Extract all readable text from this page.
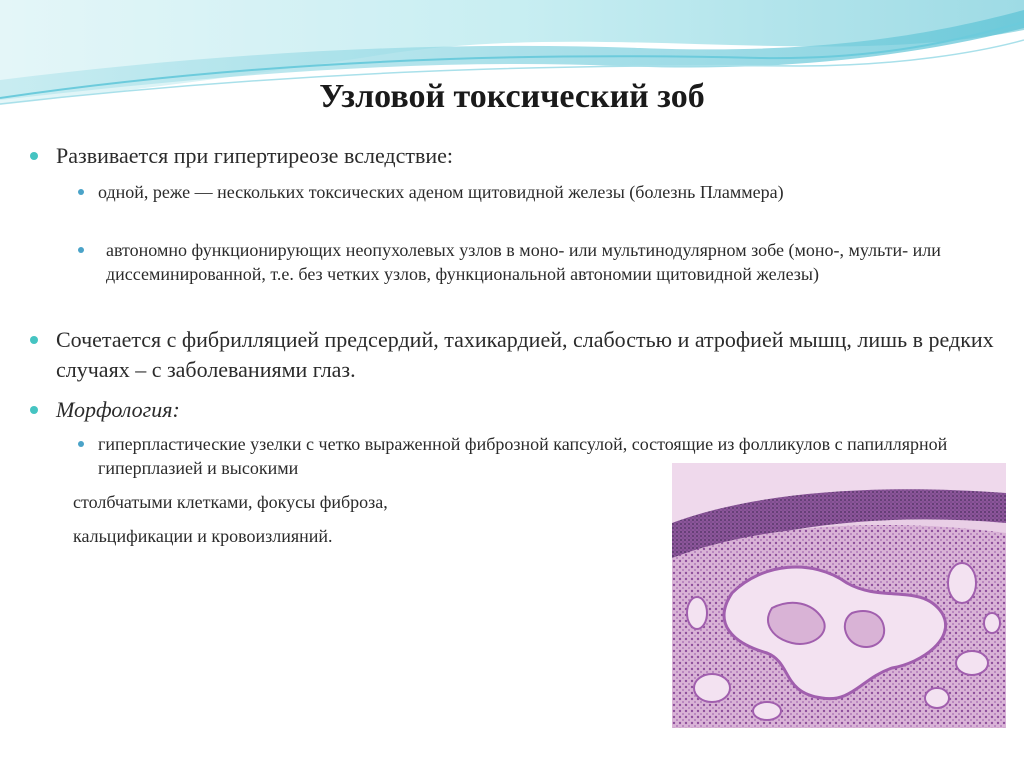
Узловой токсический зоб
Развивается при гипертиреозе вследствие:
одной, реже — нескольких токсических аденом щитовидной железы (болезнь Пламмера)
автономно функционирующих неопухолевых узлов в моно- или мультинодулярном зобе (моно-, мульти- или диссеминированной, т.е. без четких узлов, функциональной автономии щитовидной железы)
Сочетается с фибрилляцией предсердий, тахикардией, слабостью и атрофией мышц, лишь в редких случаях – с заболеваниями глаз.
Морфология:
гиперпластические узелки с четко выраженной фиброзной капсулой, состоящие из фолликулов с папиллярной гиперплазией и высокими
столбчатыми клетками, фокусы фиброза,
кальцификации и кровоизлияний.
